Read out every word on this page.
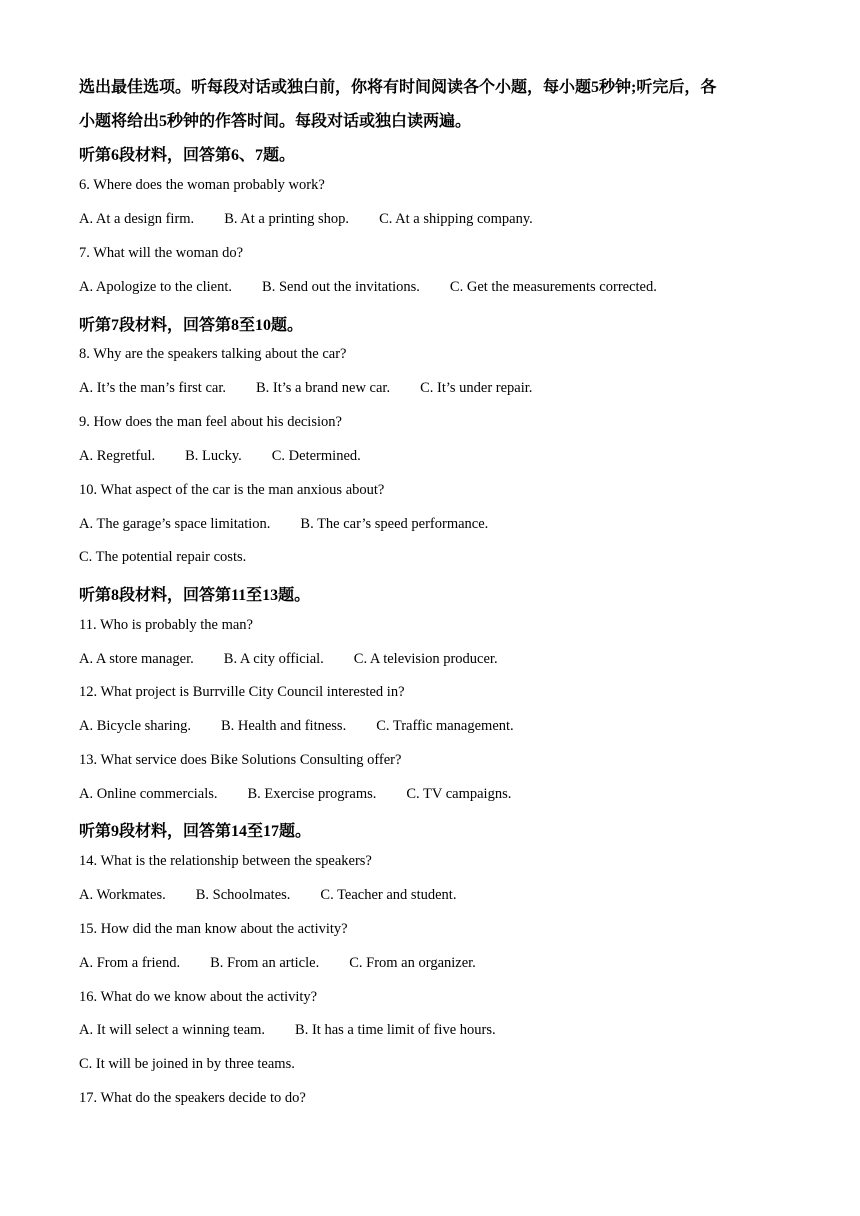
选出最佳选项。听每段对话或独白前，你将有时间阅读各个小题，每小题5秒钟;听完后，各
小题将给出5秒钟的作答时间。每段对话或独白读两遍。
听第6段材料，回答第6、7题。
6. Where does the woman probably work?
A. At a design firm. B. At a printing shop. C. At a shipping company.
7. What will the woman do?
A. Apologize to the client. B. Send out the invitations. C. Get the measurements corrected.
听第7段材料，回答第8至10题。
8. Why are the speakers talking about the car?
A. It’s the man’s first car. B. It’s a brand new car. C. It’s under repair.
9. How does the man feel about his decision?
A. Regretful. B. Lucky. C. Determined.
10. What aspect of the car is the man anxious about?
A. The garage’s space limitation. B. The car’s speed performance.
C. The potential repair costs.
听第8段材料，回答第11至13题。
11. Who is probably the man?
A. A store manager. B. A city official. C. A television producer.
12. What project is Burrville City Council interested in?
A. Bicycle sharing. B. Health and fitness. C. Traffic management.
13. What service does Bike Solutions Consulting offer?
A. Online commercials. B. Exercise programs. C. TV campaigns.
听第9段材料，回答第14至17题。
14. What is the relationship between the speakers?
A. Workmates. B. Schoolmates. C. Teacher and student.
15. How did the man know about the activity?
A. From a friend. B. From an article. C. From an organizer.
16. What do we know about the activity?
A. It will select a winning team. B. It has a time limit of five hours.
C. It will be joined in by three teams.
17. What do the speakers decide to do?
